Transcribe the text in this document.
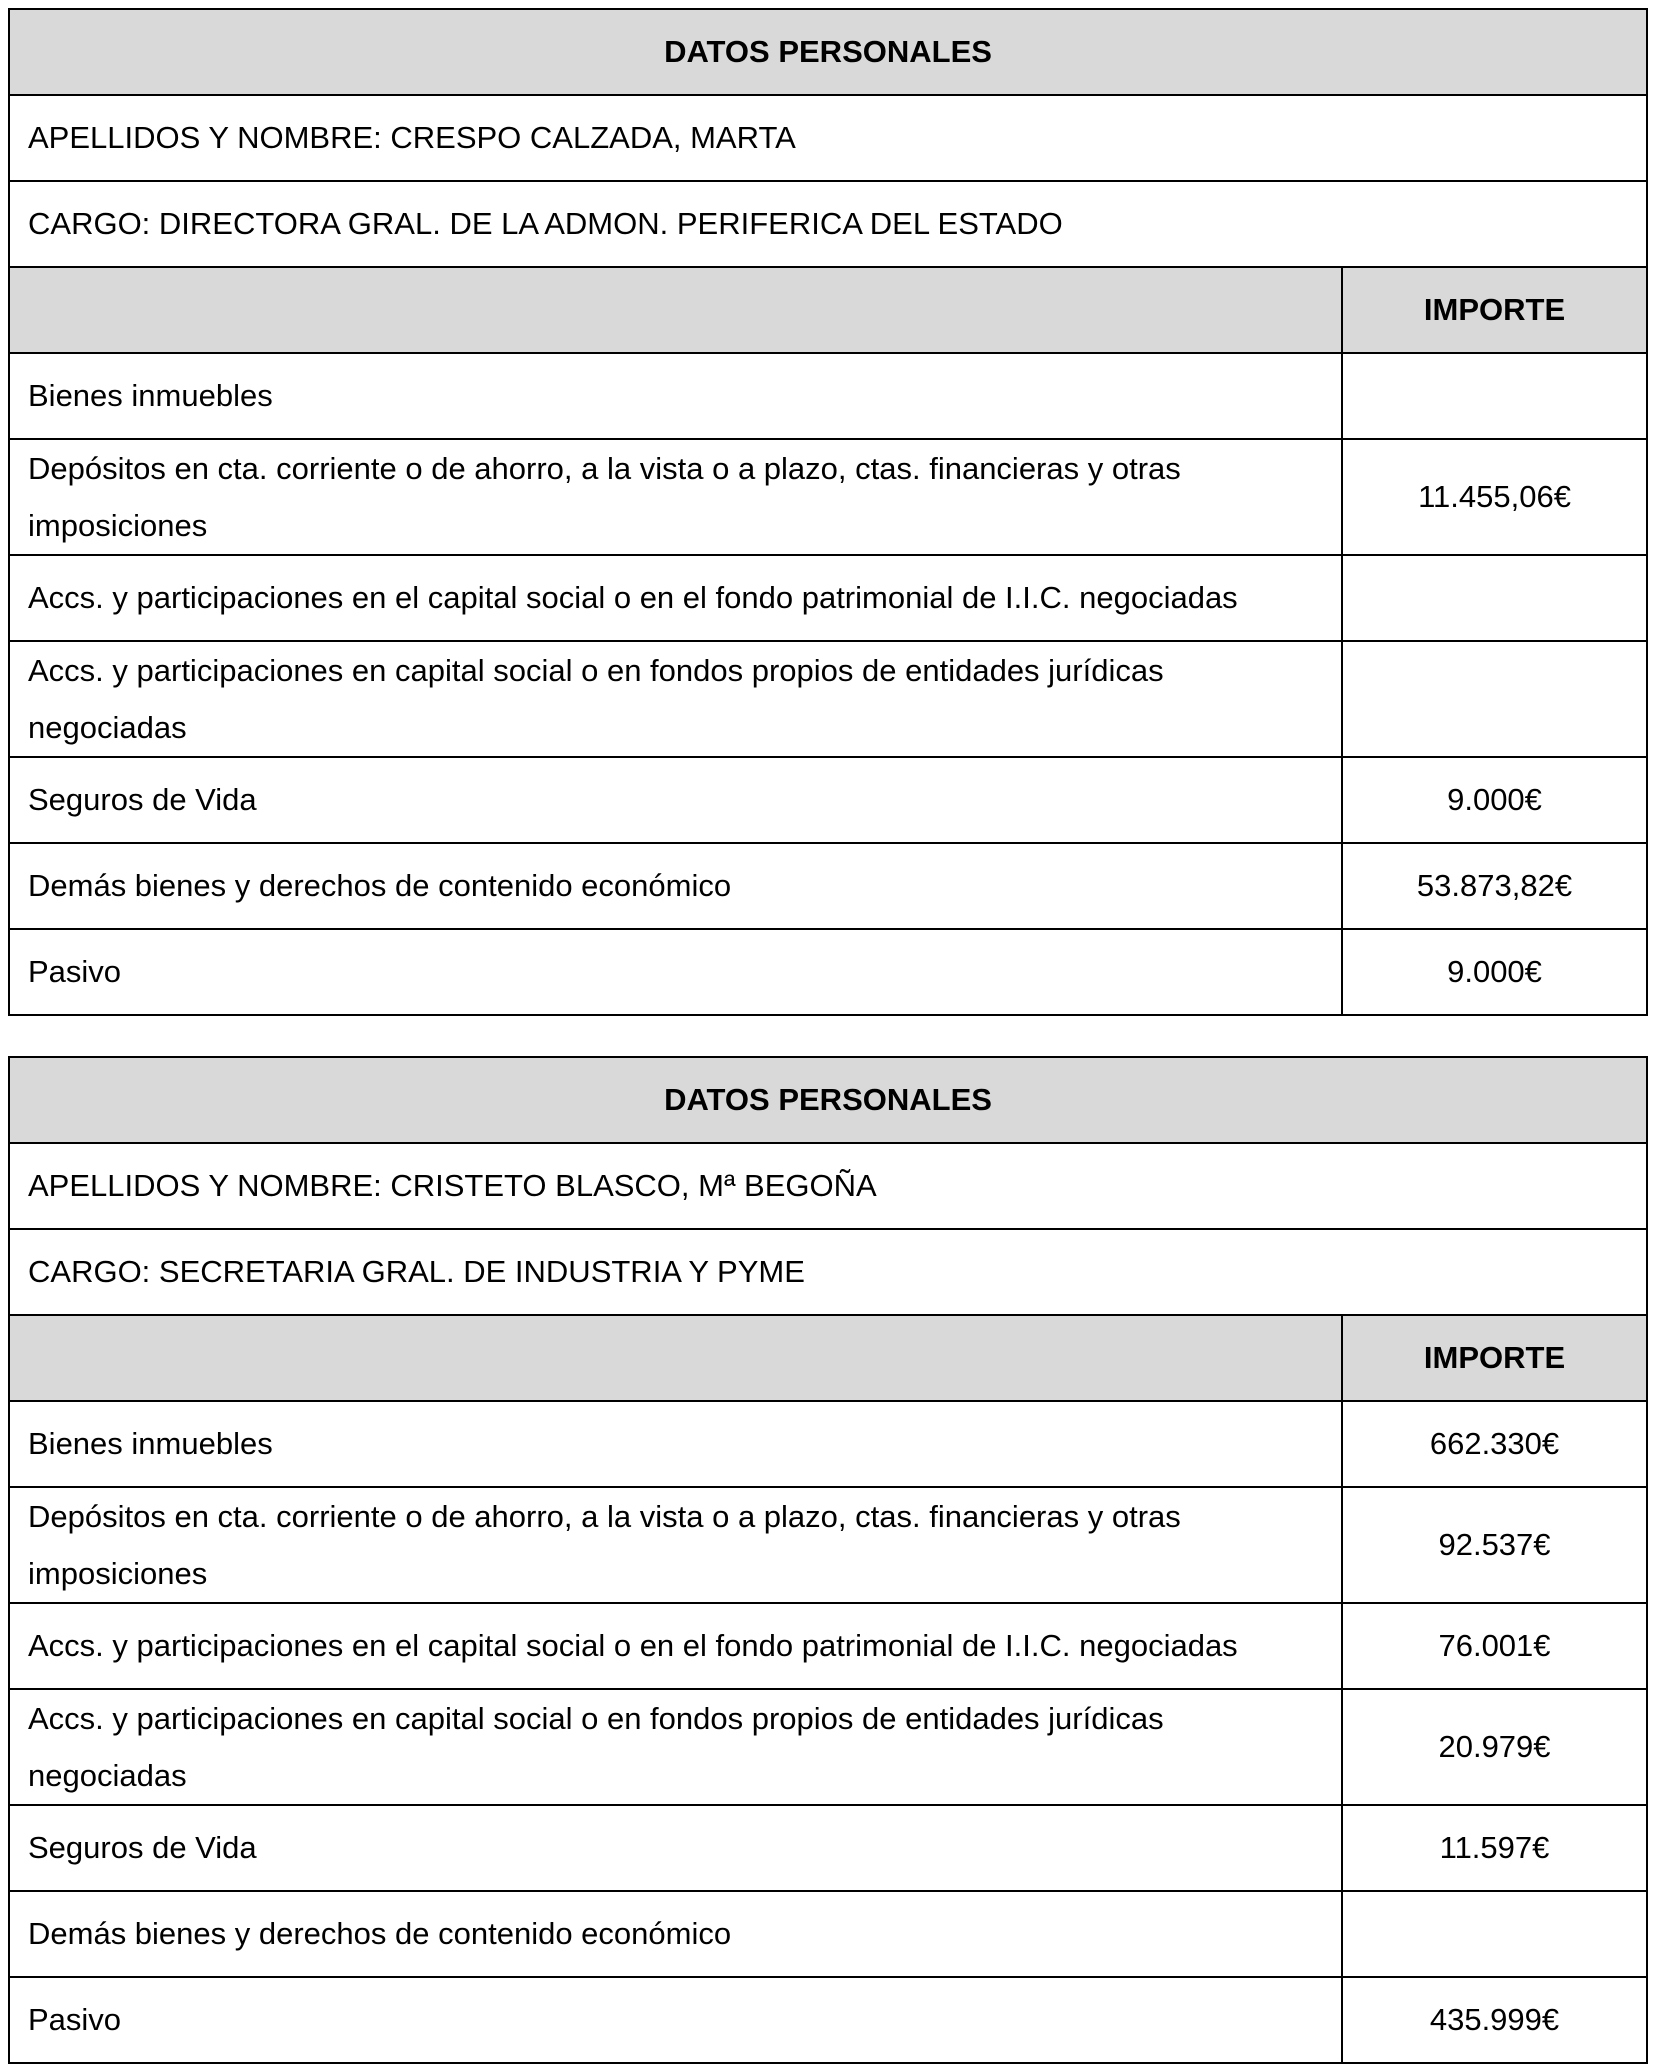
DATOS PERSONALES	
APELLIDOS Y NOMBRE: CRESPO CALZADA, MARTA	
CARGO: DIRECTORA GRAL. DE LA ADMON. PERIFERICA DEL ESTADO	
	IMPORTE
Bienes inmuebles	
Depósitos en cta. corriente o de ahorro, a la vista o a plazo, ctas. financieras y otras imposiciones	11.455,06€
Accs. y participaciones en el capital social o en el fondo patrimonial de I.I.C. negociadas	
Accs. y participaciones en capital social o en fondos propios de entidades jurídicas negociadas	
Seguros de Vida	9.000€
Demás bienes y derechos de contenido económico	53.873,82€
Pasivo	9.000€
DATOS PERSONALES	
APELLIDOS Y NOMBRE: CRISTETO BLASCO, Mª BEGOÑA	
CARGO: SECRETARIA GRAL. DE INDUSTRIA Y PYME	
	IMPORTE
Bienes inmuebles	662.330€
Depósitos en cta. corriente o de ahorro, a la vista o a plazo, ctas. financieras y otras imposiciones	92.537€
Accs. y participaciones en el capital social o en el fondo patrimonial de I.I.C. negociadas	76.001€
Accs. y participaciones en capital social o en fondos propios de entidades jurídicas negociadas	20.979€
Seguros de Vida	11.597€
Demás bienes y derechos de contenido económico	
Pasivo	435.999€
